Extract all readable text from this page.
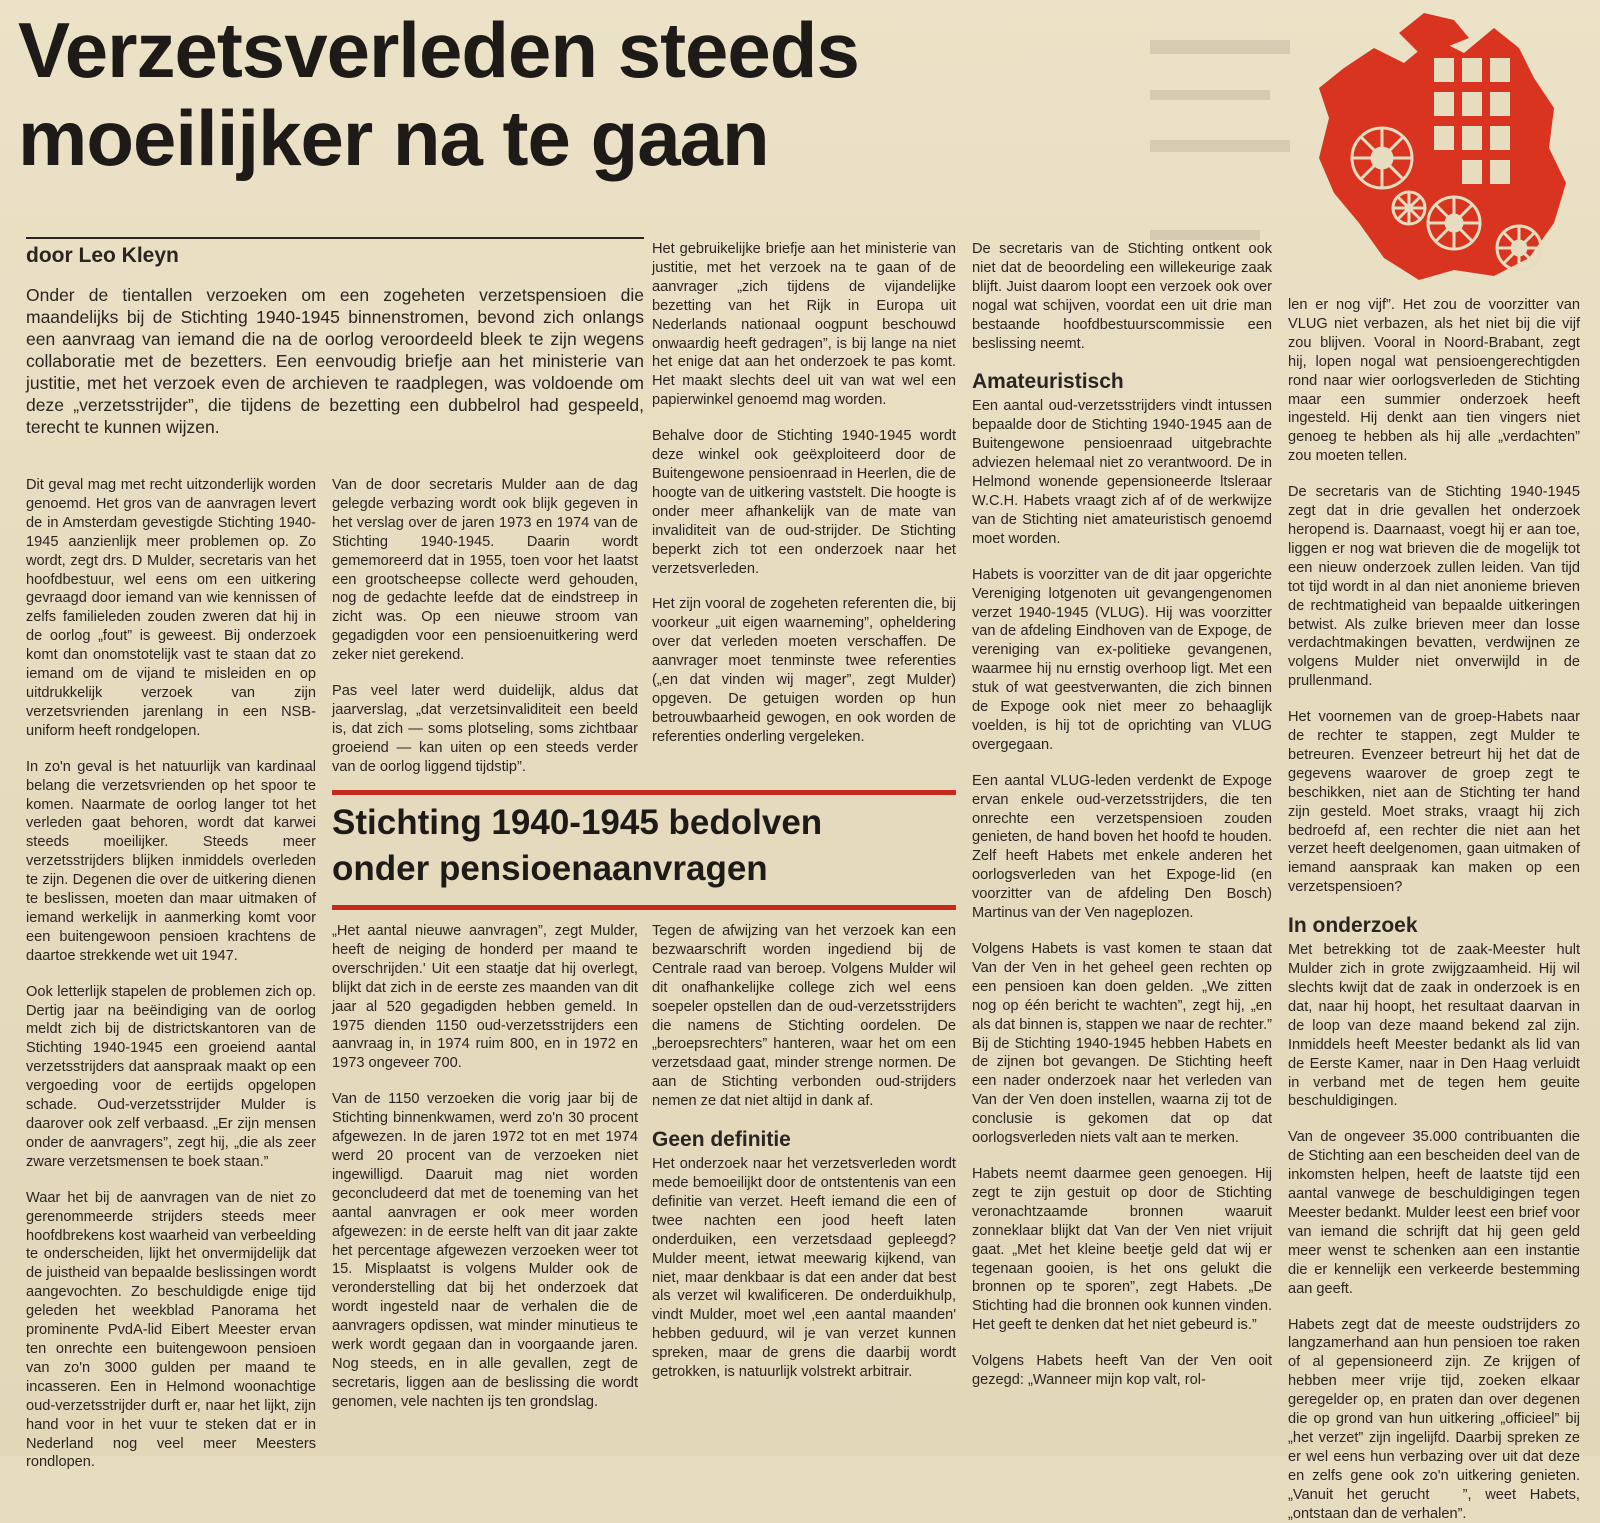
Verzetsverleden steeds
moeilijker na te gaan
door Leo Kleyn
Onder de tientallen verzoeken om een zogeheten verzetspensioen die maandelijks bij de Stichting 1940-1945 binnenstromen, bevond zich onlangs een aanvraag van iemand die na de oorlog veroordeeld bleek te zijn wegens collaboratie met de bezetters. Een eenvoudig briefje aan het ministerie van justitie, met het verzoek even de archieven te raadplegen, was voldoende om deze „verzetsstrijder”, die tijdens de bezetting een dubbelrol had gespeeld, terecht te kunnen wijzen.

Dit geval mag met recht uitzonderlijk worden genoemd. Het gros van de aanvragen levert de in Amsterdam gevestigde Stichting 1940-1945 aanzienlijk meer problemen op. Zo wordt, zegt drs. D Mulder, secretaris van het hoofdbestuur, wel eens om een uitkering gevraagd door iemand van wie kennissen of zelfs familieleden zouden zweren dat hij in de oorlog „fout” is geweest. Bij onderzoek komt dan onomstotelijk vast te staan dat zo iemand om de vijand te misleiden en op uitdrukkelijk verzoek van zijn verzetsvrienden jarenlang in een NSB-uniform heeft rondgelopen.

In zo'n geval is het natuurlijk van kardinaal belang die verzetsvrienden op het spoor te komen. Naarmate de oorlog langer tot het verleden gaat behoren, wordt dat karwei steeds moeilijker. Steeds meer verzetsstrijders blijken inmiddels overleden te zijn. Degenen die over de uitkering dienen te beslissen, moeten dan maar uitmaken of iemand werkelijk in aanmerking komt voor een buitengewoon pensioen krachtens de daartoe strekkende wet uit 1947.

Ook letterlijk stapelen de problemen zich op. Dertig jaar na beëindiging van de oorlog meldt zich bij de districtskantoren van de Stichting 1940-1945 een groeiend aantal verzetsstrijders dat aanspraak maakt op een vergoeding voor de eertijds opgelopen schade. Oud-verzetsstrijder Mulder is daarover ook zelf verbaasd. „Er zijn mensen onder de aanvragers”, zegt hij, „die als zeer zware verzetsmensen te boek staan.”

Waar het bij de aanvragen van de niet zo gerenommeerde strijders steeds meer hoofdbrekens kost waarheid van verbeelding te onderscheiden, lijkt het onvermijdelijk dat de juistheid van bepaalde beslissingen wordt aangevochten. Zo beschuldigde enige tijd geleden het weekblad Panorama het prominente PvdA-lid Eibert Meester ervan ten onrechte een buitengewoon pensioen van zo'n 3000 gulden per maand te incasseren. Een in Helmond woonachtige oud-verzetsstrijder durft er, naar het lijkt, zijn hand voor in het vuur te steken dat er in Nederland nog veel meer Meesters rondlopen.

Van de door secretaris Mulder aan de dag gelegde verbazing wordt ook blijk gegeven in het verslag over de jaren 1973 en 1974 van de Stichting 1940-1945. Daarin wordt gememoreerd dat in 1955, toen voor het laatst een grootscheepse collecte werd gehouden, nog de gedachte leefde dat de eindstreep in zicht was. Op een nieuwe stroom van gegadigden voor een pensioenuitkering werd zeker niet gerekend.

Pas veel later werd duidelijk, aldus dat jaarverslag, „dat verzetsinvaliditeit een beeld is, dat zich — soms plotseling, soms zichtbaar groeiend — kan uiten op een steeds verder van de oorlog liggend tijdstip”.

Het gebruikelijke briefje aan het ministerie van justitie, met het verzoek na te gaan of de aanvrager „zich tijdens de vijandelijke bezetting van het Rijk in Europa uit Nederlands nationaal oogpunt beschouwd onwaardig heeft gedragen”, is bij lange na niet het enige dat aan het onderzoek te pas komt. Het maakt slechts deel uit van wat wel een papierwinkel genoemd mag worden.

Behalve door de Stichting 1940-1945 wordt deze winkel ook geëxploiteerd door de Buitengewone pensioenraad in Heerlen, die de hoogte van de uitkering vaststelt. Die hoogte is onder meer afhankelijk van de mate van invaliditeit van de oud-strijder. De Stichting beperkt zich tot een onderzoek naar het verzetsverleden.

Het zijn vooral de zogeheten referenten die, bij voorkeur „uit eigen waarneming”, opheldering over dat verleden moeten verschaffen. De aanvrager moet tenminste twee referenties („en dat vinden wij mager”, zegt Mulder) opgeven. De getuigen worden op hun betrouwbaarheid gewogen, en ook worden de referenties onderling vergeleken.

Stichting 1940-1945 bedolven
onder pensioenaanvragen

„Het aantal nieuwe aanvragen”, zegt Mulder, heeft de neiging de honderd per maand te overschrijden.' Uit een staatje dat hij overlegt, blijkt dat zich in de eerste zes maanden van dit jaar al 520 gegadigden hebben gemeld. In 1975 dienden 1150 oud-verzetsstrijders een aanvraag in, in 1974 ruim 800, en in 1972 en 1973 ongeveer 700.

Van de 1150 verzoeken die vorig jaar bij de Stichting binnenkwamen, werd zo'n 30 procent afgewezen. In de jaren 1972 tot en met 1974 werd 20 procent van de verzoeken niet ingewilligd. Daaruit mag niet worden geconcludeerd dat met de toeneming van het aantal aanvragen er ook meer worden afgewezen: in de eerste helft van dit jaar zakte het percentage afgewezen verzoeken weer tot 15. Misplaatst is volgens Mulder ook de veronderstelling dat bij het onderzoek dat wordt ingesteld naar de verhalen die de aanvragers opdissen, wat minder minutieus te werk wordt gegaan dan in voorgaande jaren. Nog steeds, en in alle gevallen, zegt de secretaris, liggen aan de beslissing die wordt genomen, vele nachten ijs ten grondslag.

Tegen de afwijzing van het verzoek kan een bezwaarschrift worden ingediend bij de Centrale raad van beroep. Volgens Mulder wil dit onafhankelijke college zich wel eens soepeler opstellen dan de oud-verzetsstrijders die namens de Stichting oordelen. De „beroepsrechters” hanteren, waar het om een verzetsdaad gaat, minder strenge normen. De aan de Stichting verbonden oud-strijders nemen ze dat niet altijd in dank af.

Geen definitie

Het onderzoek naar het verzetsverleden wordt mede bemoeilijkt door de ontstentenis van een definitie van verzet. Heeft iemand die een of twee nachten een jood heeft laten onderduiken, een verzetsdaad gepleegd? Mulder meent, ietwat meewarig kijkend, van niet, maar denkbaar is dat een ander dat best als verzet wil kwalificeren. De onderduikhulp, vindt Mulder, moet wel ‚een aantal maanden' hebben geduurd, wil je van verzet kunnen spreken, maar de grens die daarbij wordt getrokken, is natuurlijk volstrekt arbitrair.

De secretaris van de Stichting ontkent ook niet dat de beoordeling een willekeurige zaak blijft. Juist daarom loopt een verzoek ook over nogal wat schijven, voordat een uit drie man bestaande hoofdbestuurscommissie een beslissing neemt.

Amateuristisch

Een aantal oud-verzetsstrijders vindt intussen bepaalde door de Stichting 1940-1945 aan de Buitengewone pensioenraad uitgebrachte adviezen helemaal niet zo verantwoord. De in Helmond wonende gepensioneerde ltsleraar W.C.H. Habets vraagt zich af of de werkwijze van de Stichting niet amateuristisch genoemd moet worden.

Habets is voorzitter van de dit jaar opgerichte Vereniging lotgenoten uit gevangengenomen verzet 1940-1945 (VLUG). Hij was voorzitter van de afdeling Eindhoven van de Expoge, de vereniging van ex-politieke gevangenen, waarmee hij nu ernstig overhoop ligt. Met een stuk of wat geestverwanten, die zich binnen de Expoge ook niet meer zo behaaglijk voelden, is hij tot de oprichting van VLUG overgegaan.

Een aantal VLUG-leden verdenkt de Expoge ervan enkele oud-verzetsstrijders, die ten onrechte een verzetspensioen zouden genieten, de hand boven het hoofd te houden. Zelf heeft Habets met enkele anderen het oorlogsverleden van het Expoge-lid (en voorzitter van de afdeling Den Bosch) Martinus van der Ven nageplozen.

Volgens Habets is vast komen te staan dat Van der Ven in het geheel geen rechten op een pensioen kan doen gelden. „We zitten nog op één bericht te wachten”, zegt hij, „en als dat binnen is, stappen we naar de rechter.” Bij de Stichting 1940-1945 hebben Habets en de zijnen bot gevangen. De Stichting heeft een nader onderzoek naar het verleden van Van der Ven doen instellen, waarna zij tot de conclusie is gekomen dat op dat oorlogsverleden niets valt aan te merken.

Habets neemt daarmee geen genoegen. Hij zegt te zijn gestuit op door de Stichting veronachtzaamde bronnen waaruit zonneklaar blijkt dat Van der Ven niet vrijuit gaat. „Met het kleine beetje geld dat wij er tegenaan gooien, is het ons gelukt die bronnen op te sporen”, zegt Habets. „De Stichting had die bronnen ook kunnen vinden. Het geeft te denken dat het niet gebeurd is.”

Volgens Habets heeft Van der Ven ooit gezegd: „Wanneer mijn kop valt, rol-

len er nog vijf”. Het zou de voorzitter van VLUG niet verbazen, als het niet bij die vijf zou blijven. Vooral in Noord-Brabant, zegt hij, lopen nogal wat pensioengerechtigden rond naar wier oorlogsverleden de Stichting maar een summier onderzoek heeft ingesteld. Hij denkt aan tien vingers niet genoeg te hebben als hij alle „verdachten” zou moeten tellen.

De secretaris van de Stichting 1940-1945 zegt dat in drie gevallen het onderzoek heropend is. Daarnaast, voegt hij er aan toe, liggen er nog wat brieven die de mogelijk tot een nieuw onderzoek zullen leiden. Van tijd tot tijd wordt in al dan niet anonieme brieven de rechtmatigheid van bepaalde uitkeringen betwist. Als zulke brieven meer dan losse verdachtmakingen bevatten, verdwijnen ze volgens Mulder niet onverwijld in de prullenmand.

Het voornemen van de groep-Habets naar de rechter te stappen, zegt Mulder te betreuren. Evenzeer betreurt hij het dat de gegevens waarover de groep zegt te beschikken, niet aan de Stichting ter hand zijn gesteld. Moet straks, vraagt hij zich bedroefd af, een rechter die niet aan het verzet heeft deelgenomen, gaan uitmaken of iemand aanspraak kan maken op een verzetspensioen?

In onderzoek

Met betrekking tot de zaak-Meester hult Mulder zich in grote zwijgzaamheid. Hij wil slechts kwijt dat de zaak in onderzoek is en dat, naar hij hoopt, het resultaat daarvan in de loop van deze maand bekend zal zijn. Inmiddels heeft Meester bedankt als lid van de Eerste Kamer, naar in Den Haag verluidt in verband met de tegen hem geuite beschuldigingen.

Van de ongeveer 35.000 contribuanten die de Stichting aan een bescheiden deel van de inkomsten helpen, heeft de laatste tijd een aantal vanwege de beschuldigingen tegen Meester bedankt. Mulder leest een brief voor van iemand die schrijft dat hij geen geld meer wenst te schenken aan een instantie die er kennelijk een verkeerde bestemming aan geeft.

Habets zegt dat de meeste oudstrijders zo langzamerhand aan hun pensioen toe raken of al gepensioneerd zijn. Ze krijgen of hebben meer vrije tijd, zoeken elkaar geregelder op, en praten dan over degenen die op grond van hun uitkering „officieel” bij „het verzet” zijn ingelijfd. Daarbij spreken ze er wel eens hun verbazing over uit dat deze en zelfs gene ook zo'n uitkering genieten. „Vanuit het geruchtﾠ”, weet Habets, „ontstaan dan de verhalen”.
